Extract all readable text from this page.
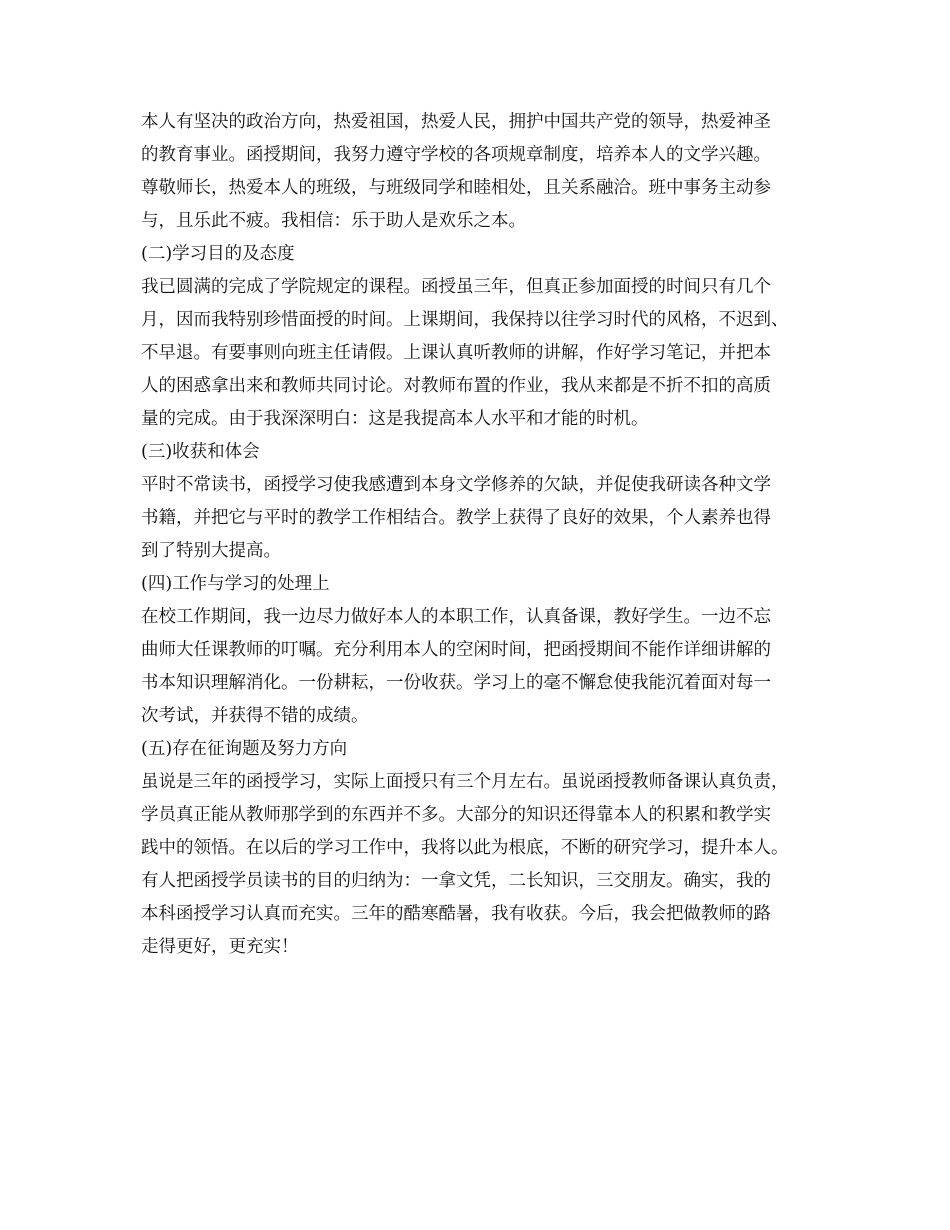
本人有坚决的政治方向，热爱祖国，热爱人民，拥护中国共产党的领导，热爱神圣
的教育事业。函授期间，我努力遵守学校的各项规章制度，培养本人的文学兴趣。
尊敬师长，热爱本人的班级，与班级同学和睦相处，且关系融洽。班中事务主动参
与，且乐此不疲。我相信：乐于助人是欢乐之本。
(二)学习目的及态度
我已圆满的完成了学院规定的课程。函授虽三年，但真正参加面授的时间只有几个
月，因而我特别珍惜面授的时间。上课期间，我保持以往学习时代的风格，不迟到、
不早退。有要事则向班主任请假。上课认真听教师的讲解，作好学习笔记，并把本
人的困惑拿出来和教师共同讨论。对教师布置的作业，我从来都是不折不扣的高质
量的完成。由于我深深明白：这是我提高本人水平和才能的时机。
(三)收获和体会
平时不常读书，函授学习使我感遭到本身文学修养的欠缺，并促使我研读各种文学
书籍，并把它与平时的教学工作相结合。教学上获得了良好的效果，个人素养也得
到了特别大提高。
(四)工作与学习的处理上
在校工作期间，我一边尽力做好本人的本职工作，认真备课，教好学生。一边不忘
曲师大任课教师的叮嘱。充分利用本人的空闲时间，把函授期间不能作详细讲解的
书本知识理解消化。一份耕耘，一份收获。学习上的毫不懈怠使我能沉着面对每一
次考试，并获得不错的成绩。
(五)存在征询题及努力方向
虽说是三年的函授学习，实际上面授只有三个月左右。虽说函授教师备课认真负责，
学员真正能从教师那学到的东西并不多。大部分的知识还得靠本人的积累和教学实
践中的领悟。在以后的学习工作中，我将以此为根底，不断的研究学习，提升本人。
有人把函授学员读书的目的归纳为：一拿文凭，二长知识，三交朋友。确实，我的
本科函授学习认真而充实。三年的酷寒酷暑，我有收获。今后，我会把做教师的路
走得更好，更充实！
